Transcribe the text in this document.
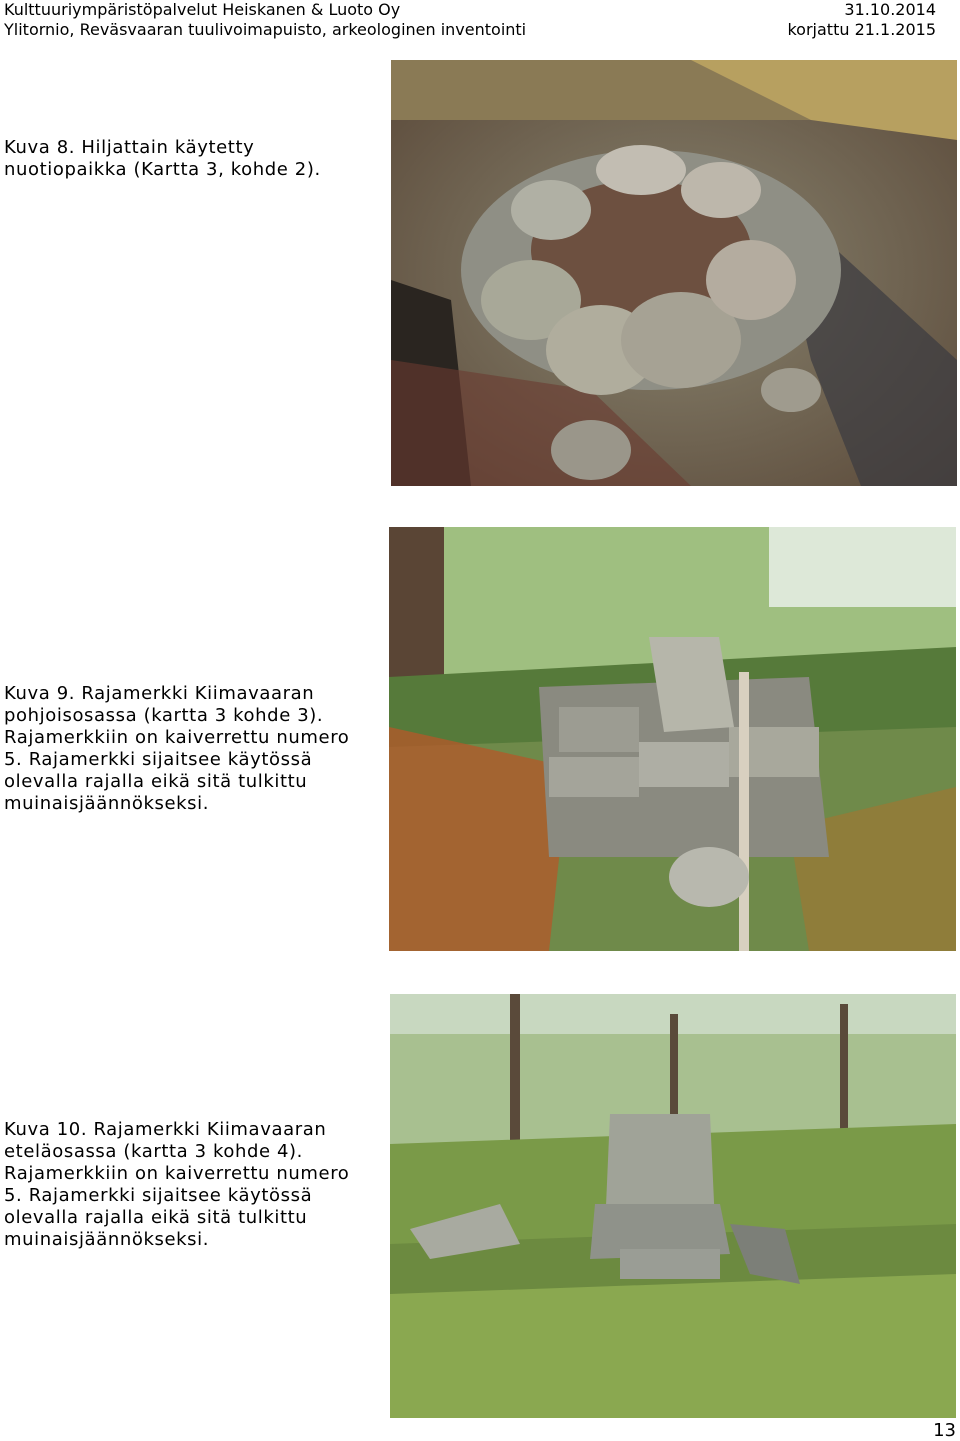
Kulttuuriympäristöpalvelut Heiskanen & Luoto Oy	31.10.2014
Ylitornio, Reväsvaaran tuulivoimapuisto, arkeologinen inventointi	korjattu 21.1.2015
Kuva 8. Hiljattain käytetty nuotiopaikka (Kartta 3, kohde 2).
Kuva 9. Rajamerkki Kiimavaaran pohjoisosassa (kartta 3 kohde 3). Rajamerkkiin on kaiverrettu numero 5. Rajamerkki sijaitsee käytössä olevalla rajalla eikä sitä tulkittu muinaisjäännökseksi.
Kuva 10. Rajamerkki Kiimavaaran eteläosassa (kartta 3 kohde 4). Rajamerkkiin on kaiverrettu numero 5. Rajamerkki sijaitsee käytössä olevalla rajalla eikä sitä tulkittu muinaisjäännökseksi.
13
